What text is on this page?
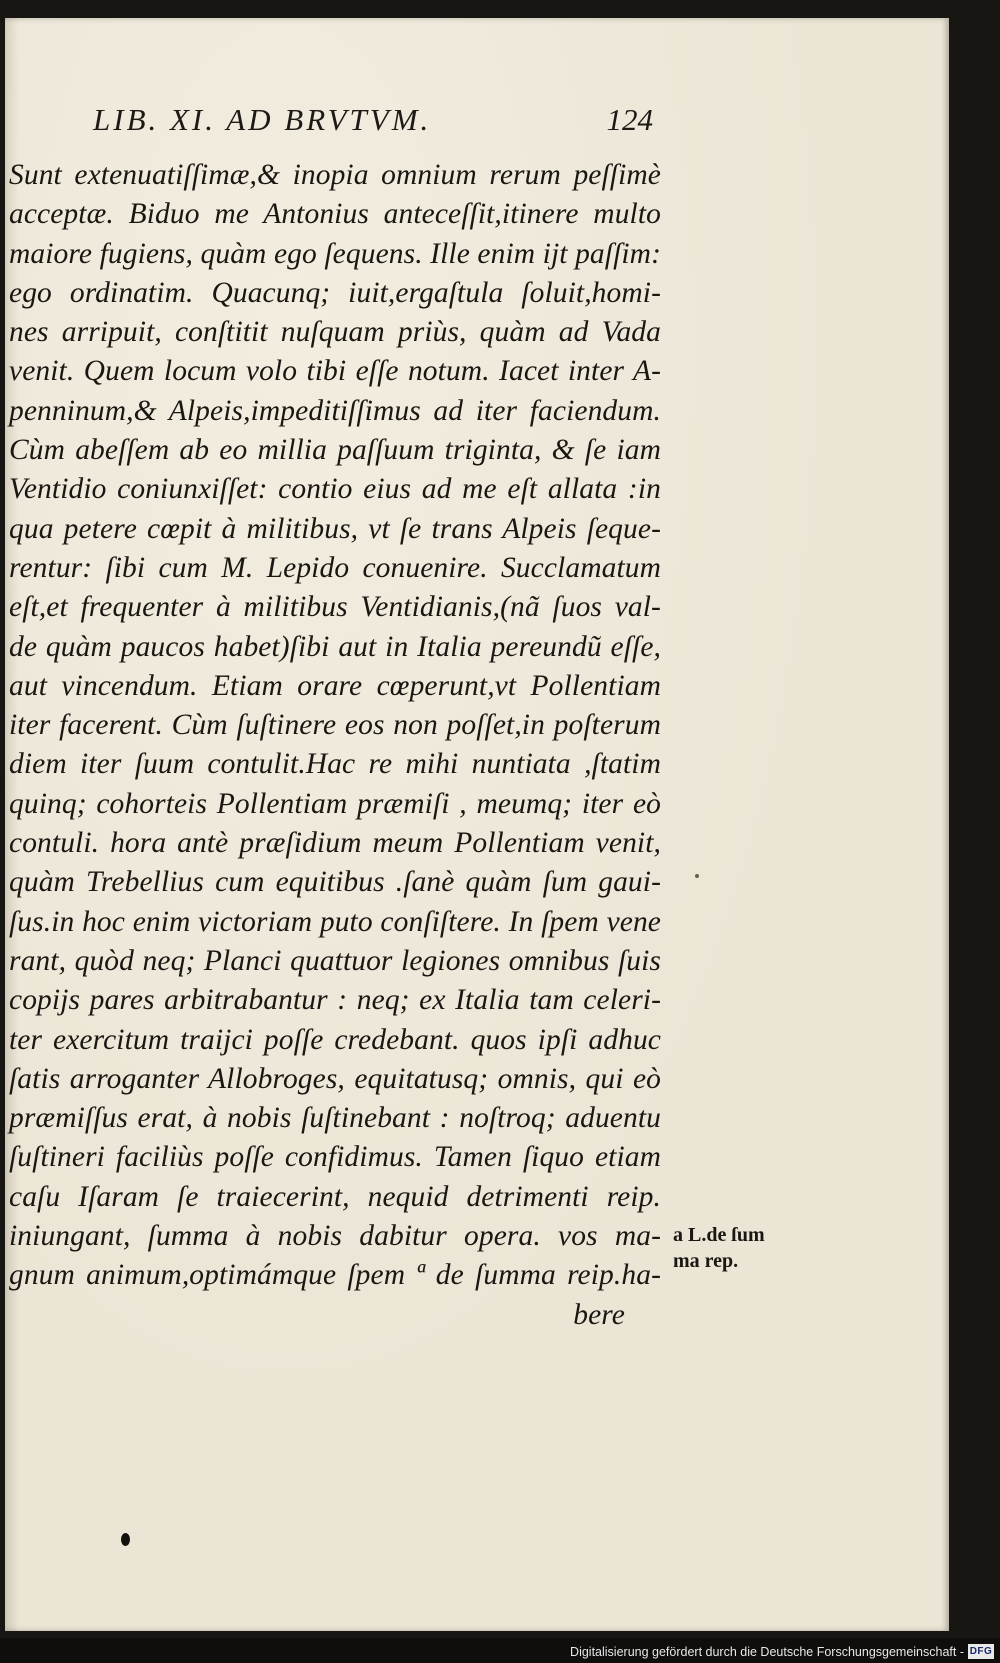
LIB. XI. AD BRVTVM.	124
Sunt extenuatiſſimæ,& inopia omnium rerum peſſimè
acceptæ. Biduo me Antonius anteceſſit,itinere multo
maiore fugiens, quàm ego ſequens. Ille enim ijt paſſim:
ego ordinatim. Quacunq; iuit,ergaſtula ſoluit,homi-
nes arripuit, conſtitit nuſquam priùs, quàm ad Vada
venit. Quem locum volo tibi eſſe notum. Iacet inter A-
penninum,& Alpeis,impeditiſſimus ad iter faciendum.
Cùm abeſſem ab eo millia paſſuum triginta, & ſe iam
Ventidio coniunxiſſet: contio eius ad me eſt allata :in
qua petere cœpit à militibus, vt ſe trans Alpeis ſeque-
rentur: ſibi cum M. Lepido conuenire. Succlamatum
eſt,et frequenter à militibus Ventidianis,(nã ſuos val-
de quàm paucos habet)ſibi aut in Italia pereundũ eſſe,
aut vincendum. Etiam orare cœperunt,vt Pollentiam
iter facerent. Cùm ſuſtinere eos non poſſet,in poſterum
diem iter ſuum contulit.Hac re mihi nuntiata ,ſtatim
quinq; cohorteis Pollentiam præmiſi , meumq; iter eò
contuli. hora antè præſidium meum Pollentiam venit,
quàm Trebellius cum equitibus .ſanè quàm ſum gaui-
ſus.in hoc enim victoriam puto conſiſtere. In ſpem vene
rant, quòd neq; Planci quattuor legiones omnibus ſuis
copijs pares arbitrabantur : neq; ex Italia tam celeri-
ter exercitum traijci poſſe credebant. quos ipſi adhuc
ſatis arroganter Allobroges, equitatusq; omnis, qui eò
præmiſſus erat, à nobis ſuſtinebant : noſtroq; aduentu
ſuſtineri faciliùs poſſe confidimus. Tamen ſiquo etiam
caſu Iſaram ſe traiecerint, nequid detrimenti reip.
iniungant, ſumma à nobis dabitur opera. vos ma-
gnum animum,optimámque ſpem ª de ſumma reip.ha-
bere
a L.de ſum
ma rep.
Digitalisierung gefördert durch die Deutsche Forschungsgemeinschaft - DFG
